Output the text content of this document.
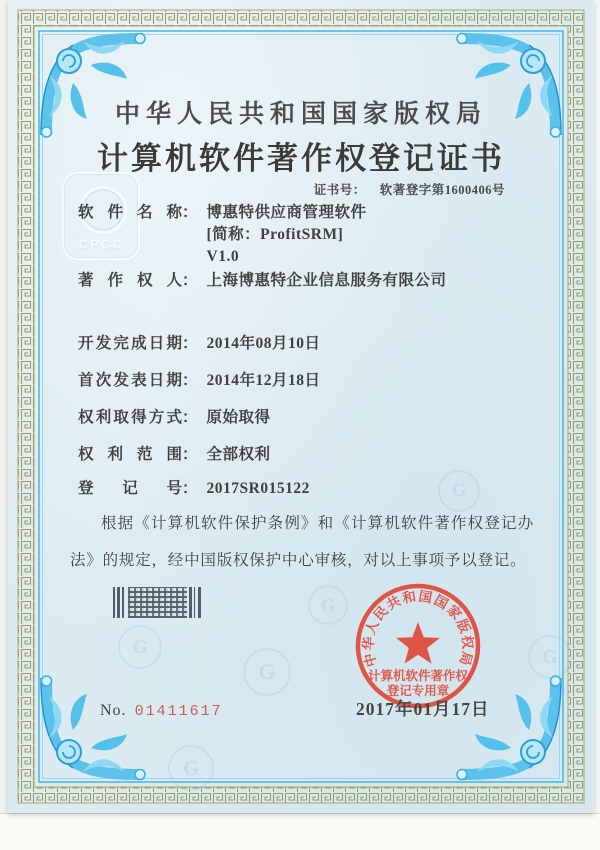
G
G
G
G
G
G
CPCC
中华人民共和国国家版权局
计算机软件著作权登记证书
证书号： 软著登字第1600406号
软件名称 ： 博惠特供应商管理软件
[简称：ProfitSRM]
V1.0
著作权人 ： 上海博惠特企业信息服务有限公司
开发完成日期 ： 2014年08月10日
首次发表日期 ： 2014年12月18日
权利取得方式 ： 原始取得
权利范围 ： 全部权利
登记号 ： 2017SR015122
根据《计算机软件保护条例》和《计算机软件著作权登记办法》的规定，经中国版权保护中心审核，对以上事项予以登记。
中华人民共和国国家版权局
计算机软件著作权
登记专用章
2017年01月17日
No. 01411617
